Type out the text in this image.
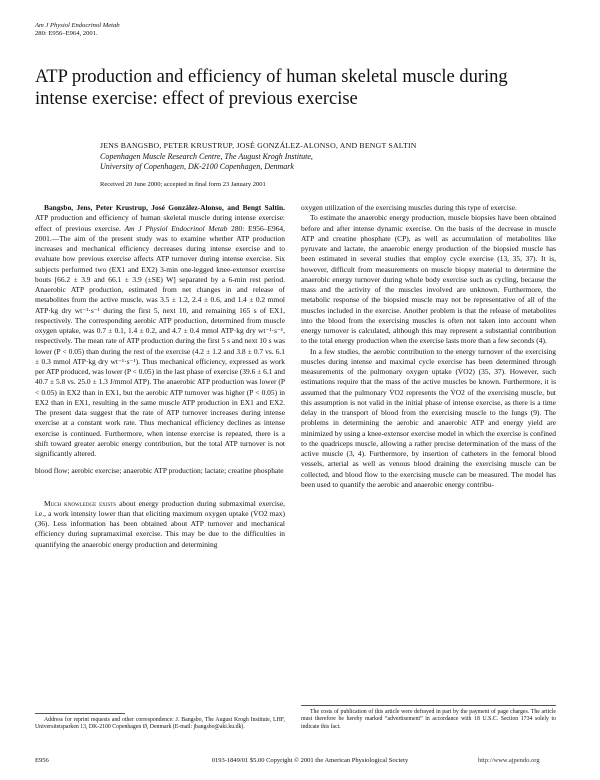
Am J Physiol Endocrinol Metab
280: E956–E964, 2001.
ATP production and efficiency of human skeletal muscle during intense exercise: effect of previous exercise
JENS BANGSBO, PETER KRUSTRUP, JOSÉ GONZÁLEZ-ALONSO, AND BENGT SALTIN
Copenhagen Muscle Research Centre, The August Krogh Institute,
University of Copenhagen, DK-2100 Copenhagen, Denmark
Received 20 June 2000; accepted in final form 23 January 2001

Bangsbo, Jens, Peter Krustrup, José González-Alonso, and Bengt Saltin. ATP production and efficiency of human skeletal muscle during intense exercise: effect of previous exercise. Am J Physiol Endocrinol Metab 280: E956–E964, 2001.—The aim of the present study was to examine whether ATP production increases and mechanical efficiency decreases during intense exercise and to evaluate how previous exercise affects ATP turnover during intense exercise. Six subjects performed two (EX1 and EX2) 3-min one-legged knee-extensor exercise bouts [66.2 ± 3.9 and 66.1 ± 3.9 (±SE) W] separated by a 6-min rest period. Anaerobic ATP production, estimated from net changes in and release of metabolites from the active muscle, was 3.5 ± 1.2, 2.4 ± 0.6, and 1.4 ± 0.2 mmol ATP·kg dry wt⁻¹·s⁻¹ during the first 5, next 10, and remaining 165 s of EX1, respectively. The corresponding aerobic ATP production, determined from muscle oxygen uptake, was 0.7 ± 0.1, 1.4 ± 0.2, and 4.7 ± 0.4 mmol ATP·kg dry wt⁻¹·s⁻¹, respectively. The mean rate of ATP production during the first 5 s and next 10 s was lower (P < 0.05) than during the rest of the exercise (4.2 ± 1.2 and 3.8 ± 0.7 vs. 6.1 ± 0.3 mmol ATP·kg dry wt⁻¹·s⁻¹). Thus mechanical efficiency, expressed as work per ATP produced, was lower (P < 0.05) in the last phase of exercise (39.6 ± 6.1 and 40.7 ± 5.8 vs. 25.0 ± 1.3 J/mmol ATP). The anaerobic ATP production was lower (P < 0.05) in EX2 than in EX1, but the aerobic ATP turnover was higher (P < 0.05) in EX2 than in EX1, resulting in the same muscle ATP production in EX1 and EX2. The present data suggest that the rate of ATP turnover increases during intense exercise at a constant work rate. Thus mechanical efficiency declines as intense exercise is continued. Furthermore, when intense exercise is repeated, there is a shift toward greater aerobic energy contribution, but the total ATP turnover is not significantly altered.

blood flow; aerobic exercise; anaerobic ATP production; lactate; creatine phosphate

Much knowledge exists about energy production during submaximal exercise, i.e., a work intensity lower than that eliciting maximum oxygen uptake (V̇O2 max) (36). Less information has been obtained about ATP turnover and mechanical efficiency during supramaximal exercise. This may be due to the difficulties in quantifying the anaerobic energy production and determining

Address for reprint requests and other correspondence: J. Bangsbo, The August Krogh Institute, LHF, Universitetsparken 13, DK-2100 Copenhagen Ø, Denmark (E-mail: jbangsbo@aki.ku.dk).

oxygen utilization of the exercising muscles during this type of exercise.

To estimate the anaerobic energy production, muscle biopsies have been obtained before and after intense dynamic exercise. On the basis of the decrease in muscle ATP and creatine phosphate (CP), as well as accumulation of metabolites like pyruvate and lactate, the anaerobic energy production of the biopsied muscle has been estimated in several studies that employ cycle exercise (13, 35, 37). It is, however, difficult from measurements on muscle biopsy material to determine the anaerobic energy turnover during whole body exercise such as cycling, because the mass and the activity of the muscles involved are unknown. Furthermore, the metabolic response of the biopsied muscle may not be representative of all of the muscles included in the exercise. Another problem is that the release of metabolites into the blood from the exercising muscles is often not taken into account when energy turnover is calculated, although this may represent a substantial contribution to the total energy production when the exercise lasts more than a few seconds (4).

In a few studies, the aerobic contribution to the energy turnover of the exercising muscles during intense and maximal cycle exercise has been determined through measurements of the pulmonary oxygen uptake (V̇O2) (35, 37). However, such estimations require that the mass of the active muscles be known. Furthermore, it is assumed that the pulmonary V̇O2 represents the V̇O2 of the exercising muscle, but this assumption is not valid in the initial phase of intense exercise, as there is a time delay in the transport of blood from the exercising muscle to the lungs (9). The problems in determining the aerobic and anaerobic ATP and energy yield are minimized by using a knee-extensor exercise model in which the exercise is confined to the quadriceps muscle, allowing a rather precise determination of the mass of the active muscle (3, 4). Furthermore, by insertion of catheters in the femoral blood vessels, arterial as well as venous blood draining the exercising muscle can be collected, and blood flow to the exercising muscle can be measured. The model has been used to quantify the aerobic and anaerobic energy contribu-

The costs of publication of this article were defrayed in part by the payment of page charges. The article must therefore be hereby marked “advertisement” in accordance with 18 U.S.C. Section 1734 solely to indicate this fact.
E956	0193-1849/01 $5.00 Copyright © 2001 the American Physiological Society	http://www.ajpendo.org
